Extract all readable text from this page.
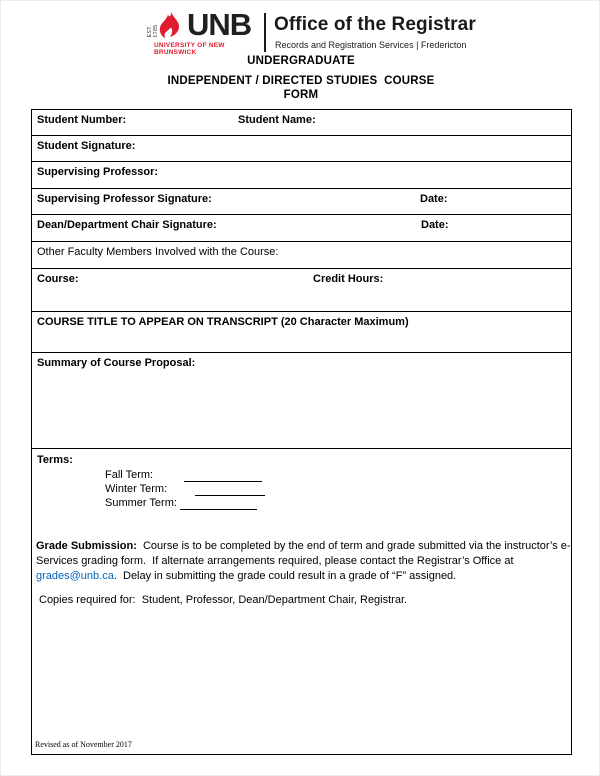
EST. 1785 UNB
UNIVERSITY OF NEW BRUNSWICK
Office of the Registrar
Records and Registration Services | Fredericton
UNDERGRADUATE
INDEPENDENT / DIRECTED STUDIES  COURSE
FORM
Student Number:	Student Name:
Student Signature:
Supervising Professor:
Supervising Professor Signature:	Date:
Dean/Department Chair Signature:	Date:
Other Faculty Members Involved with the Course:
Course:	Credit Hours:
COURSE TITLE TO APPEAR ON TRANSCRIPT (20 Character Maximum)
Summary of Course Proposal:
Terms:
Fall Term:
Winter Term:
Summer Term:
Grade Submission:  Course is to be completed by the end of term and grade submitted via the instructor’s e-Services grading form.  If alternate arrangements required, please contact the Registrar’s Office at grades@unb.ca.  Delay in submitting the grade could result in a grade of “F” assigned.
Copies required for:  Student, Professor, Dean/Department Chair, Registrar.
Revised as of November 2017
